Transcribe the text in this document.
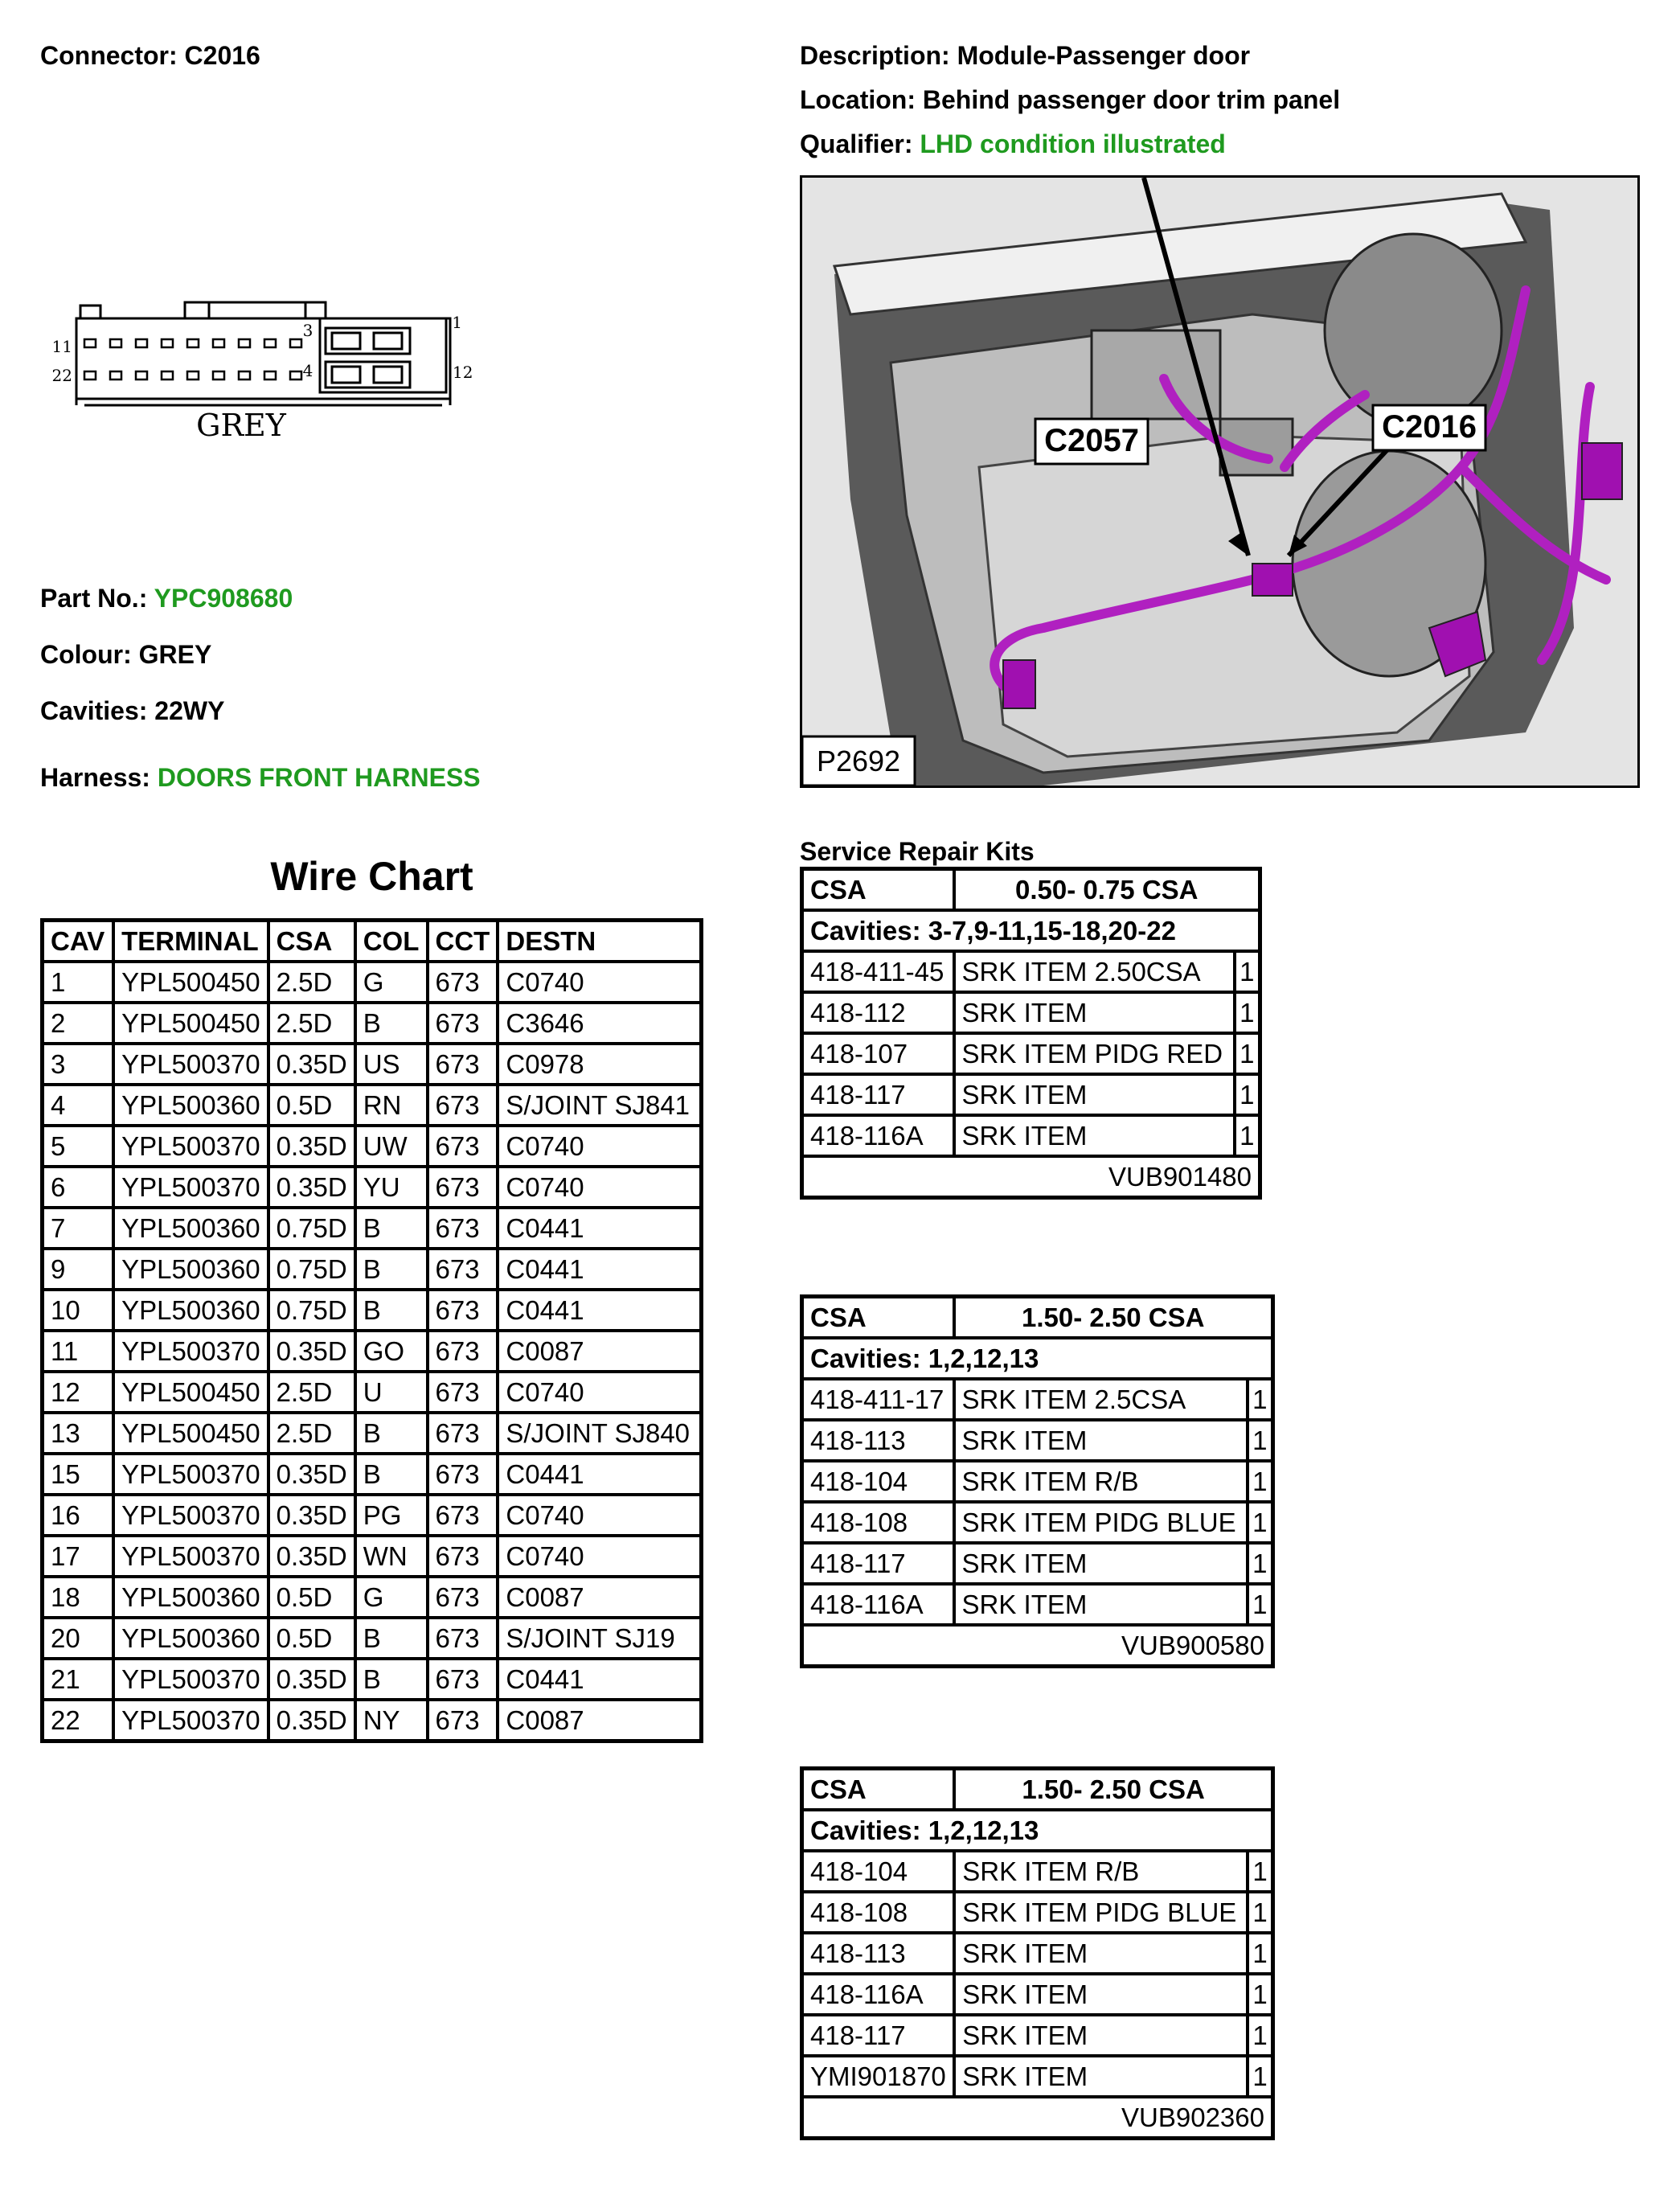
Connector: C2016	Description: Module-Passenger door
Location: Behind passenger door trim panel
Qualifier: LHD condition illustrated
1
3
4
11
12
22
GREY
Part No.: YPC908680
Colour: GREY
Cavities: 22WY
Harness: DOORS FRONT HARNESS
C2057	C2016
P2692
Wire Chart
CAV	TERMINAL	CSA	COL	CCT	DESTN
1	YPL500450	2.5D	G	673	C0740
2	YPL500450	2.5D	B	673	C3646
3	YPL500370	0.35D	US	673	C0978
4	YPL500360	0.5D	RN	673	S/JOINT SJ841
5	YPL500370	0.35D	UW	673	C0740
6	YPL500370	0.35D	YU	673	C0740
7	YPL500360	0.75D	B	673	C0441
9	YPL500360	0.75D	B	673	C0441
10	YPL500360	0.75D	B	673	C0441
11	YPL500370	0.35D	GO	673	C0087
12	YPL500450	2.5D	U	673	C0740
13	YPL500450	2.5D	B	673	S/JOINT SJ840
15	YPL500370	0.35D	B	673	C0441
16	YPL500370	0.35D	PG	673	C0740
17	YPL500370	0.35D	WN	673	C0740
18	YPL500360	0.5D	G	673	C0087
20	YPL500360	0.5D	B	673	S/JOINT SJ19
21	YPL500370	0.35D	B	673	C0441
22	YPL500370	0.35D	NY	673	C0087
Service Repair Kits
CSA	0.50- 0.75 CSA	
Cavities: 3-7,9-11,15-18,20-22		
418-411-45	SRK ITEM 2.50CSA	1
418-112	SRK ITEM	1
418-107	SRK ITEM PIDG RED	1
418-117	SRK ITEM	1
418-116A	SRK ITEM	1
VUB901480		
CSA	1.50- 2.50 CSA	
Cavities: 1,2,12,13		
418-411-17	SRK ITEM 2.5CSA	1
418-113	SRK ITEM	1
418-104	SRK ITEM R/B	1
418-108	SRK ITEM PIDG BLUE	1
418-117	SRK ITEM	1
418-116A	SRK ITEM	1
VUB900580		
CSA	1.50- 2.50 CSA	
Cavities: 1,2,12,13		
418-104	SRK ITEM R/B	1
418-108	SRK ITEM PIDG BLUE	1
418-113	SRK ITEM	1
418-116A	SRK ITEM	1
418-117	SRK ITEM	1
YMI901870	SRK ITEM	1
VUB902360		
